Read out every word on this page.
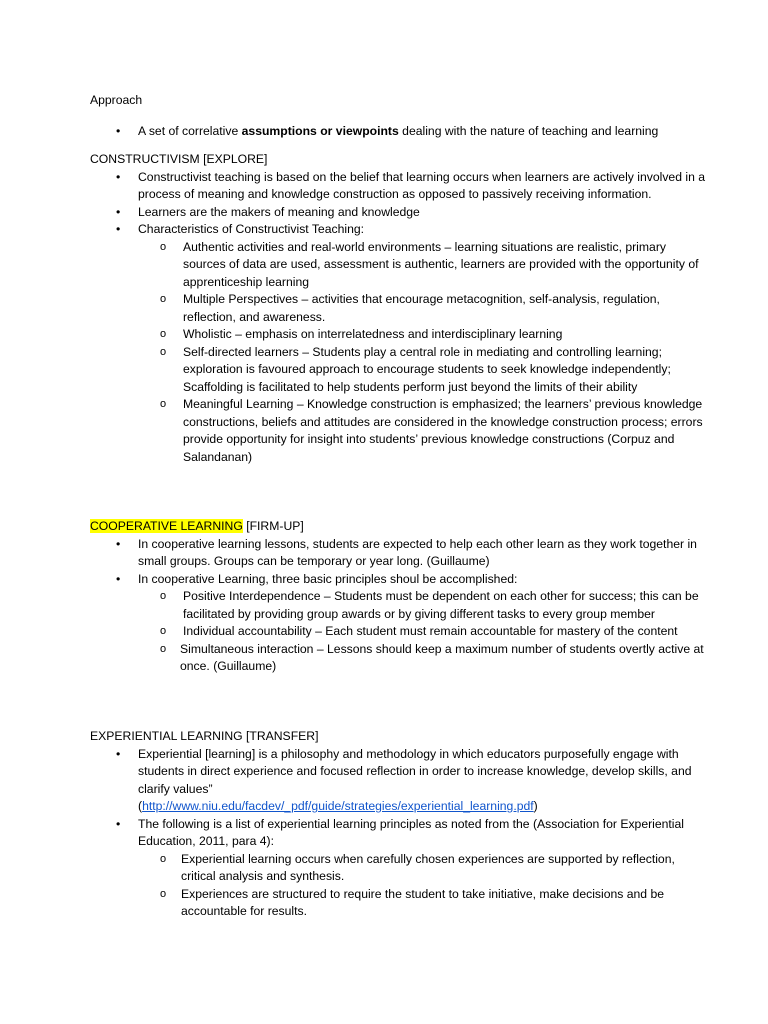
Approach

• A set of correlative assumptions or viewpoints dealing with the nature of teaching and learning

CONSTRUCTIVISM [EXPLORE]

• Constructivist teaching is based on the belief that learning occurs when learners are actively involved in a process of meaning and knowledge construction as opposed to passively receiving information.
• Learners are the makers of meaning and knowledge
• Characteristics of Constructivist Teaching:
o Authentic activities and real-world environments – learning situations are realistic, primary sources of data are used, assessment is authentic, learners are provided with the opportunity of apprenticeship learning
o Multiple Perspectives – activities that encourage metacognition, self-analysis, regulation, reflection, and awareness.
o Wholistic – emphasis on interrelatedness and interdisciplinary learning
o Self-directed learners – Students play a central role in mediating and controlling learning; exploration is favoured approach to encourage students to seek knowledge independently; Scaffolding is facilitated to help students perform just beyond the limits of their ability
o Meaningful Learning – Knowledge construction is emphasized; the learners’ previous knowledge constructions, beliefs and attitudes are considered in the knowledge construction process; errors provide opportunity for insight into students’ previous knowledge constructions (Corpuz and Salandanan)

COOPERATIVE LEARNING [FIRM-UP]

• In cooperative learning lessons, students are expected to help each other learn as they work together in small groups. Groups can be temporary or year long. (Guillaume)
• In cooperative Learning, three basic principles shoul be accomplished:
o Positive Interdependence – Students must be dependent on each other for success; this can be facilitated by providing group awards or by giving different tasks to every group member
o Individual accountability – Each student must remain accountable for mastery of the content
o Simultaneous interaction – Lessons should keep a maximum number of students overtly active at once. (Guillaume)

EXPERIENTIAL LEARNING [TRANSFER]

• Experiential [learning] is a philosophy and methodology in which educators purposefully engage with students in direct experience and focused reflection in order to increase knowledge, develop skills, and clarify values”
(http://www.niu.edu/facdev/_pdf/guide/strategies/experiential_learning.pdf)
• The following is a list of experiential learning principles as noted from the (Association for Experiential Education, 2011, para 4):
o Experiential learning occurs when carefully chosen experiences are supported by reflection, critical analysis and synthesis.
o Experiences are structured to require the student to take initiative, make decisions and be accountable for results.
